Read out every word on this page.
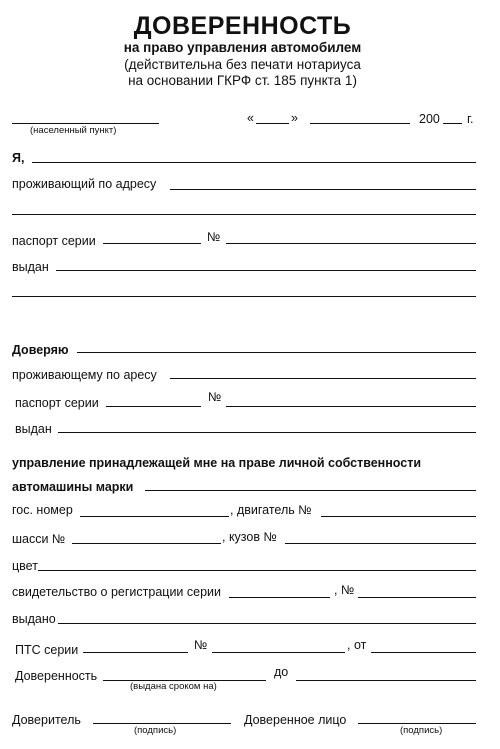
ДОВЕРЕННОСТЬ
на право управления автомобилем
(действительна без печати нотариуса
на основании ГКРФ ст. 185 пункта 1)
(населенный пункт)
«	»	200 г.
Я,
проживающий по адресу
паспорт серии	№
выдан
Доверяю
проживающему по аресу
паспорт серии	№
выдан
управление принадлежащей мне на праве личной собственности
автомашины марки
гос. номер	, двигатель №
шасси №	, кузов №
цвет
свидетельство о регистрации серии	, №
выдано
ПТС серии	№	, от
Доверенность
(выдана сроком на)
до
Доверитель
(подпись)
Доверенное лицо
(подпись)
